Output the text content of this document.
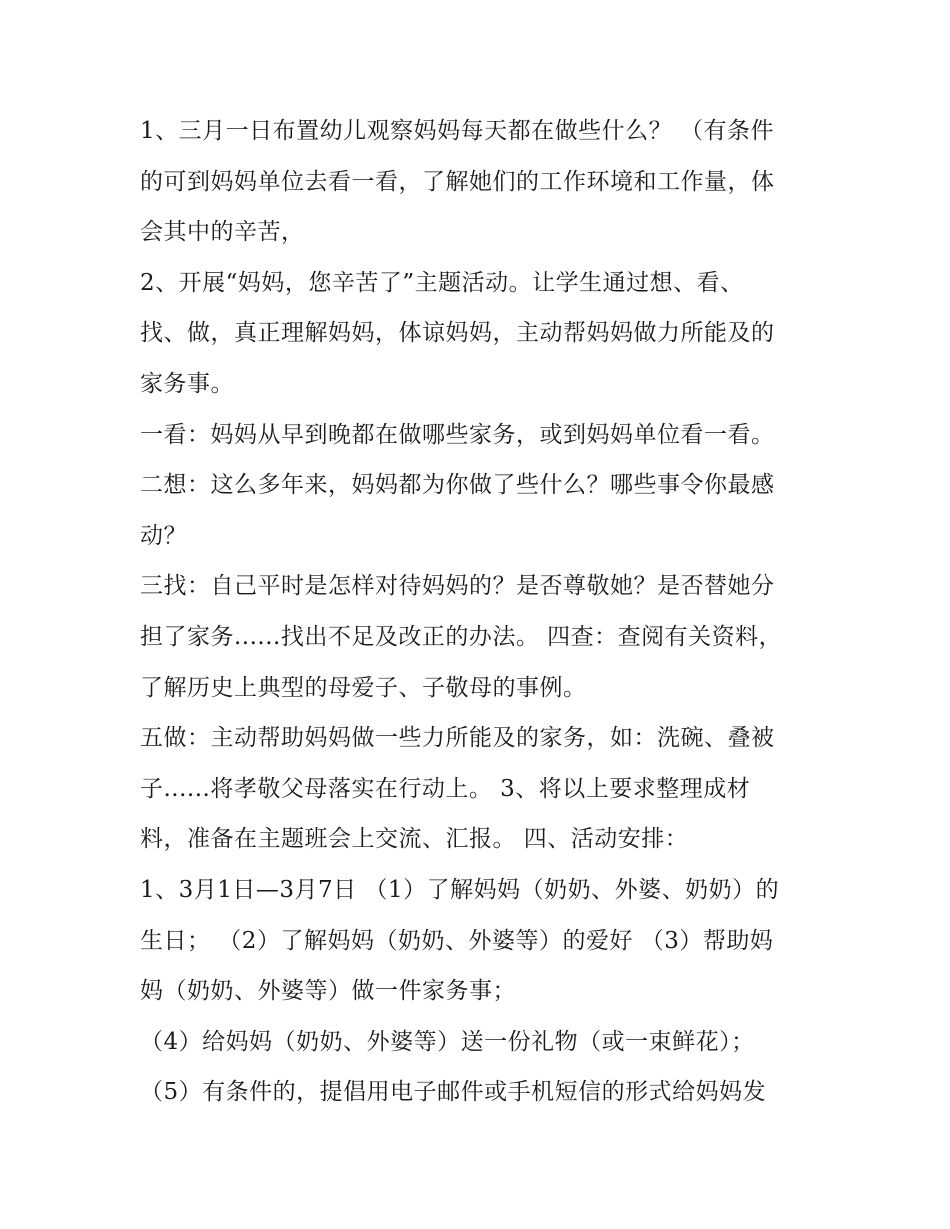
1、三月一日布置幼儿观察妈妈每天都在做些什么？ （有条件
的可到妈妈单位去看一看，了解她们的工作环境和工作量，体
会其中的辛苦，
2、开展“妈妈，您辛苦了”主题活动。让学生通过想、看、
找、做，真正理解妈妈，体谅妈妈，主动帮妈妈做力所能及的
家务事。
一看：妈妈从早到晚都在做哪些家务，或到妈妈单位看一看。
二想：这么多年来，妈妈都为你做了些什么？哪些事令你最感
动？
三找：自己平时是怎样对待妈妈的？是否尊敬她？是否替她分
担了家务......找出不足及改正的办法。 四查：查阅有关资料，
了解历史上典型的母爱子、子敬母的事例。
五做：主动帮助妈妈做一些力所能及的家务，如：洗碗、叠被
子......将孝敬父母落实在行动上。 3、将以上要求整理成材
料，准备在主题班会上交流、汇报。 四、活动安排：
1、3月1日—3月7日 （1）了解妈妈（奶奶、外婆、奶奶）的
生日； （2）了解妈妈（奶奶、外婆等）的爱好 （3）帮助妈
妈（奶奶、外婆等）做一件家务事；
（4）给妈妈（奶奶、外婆等）送一份礼物（或一束鲜花）；
（5）有条件的，提倡用电子邮件或手机短信的形式给妈妈发
